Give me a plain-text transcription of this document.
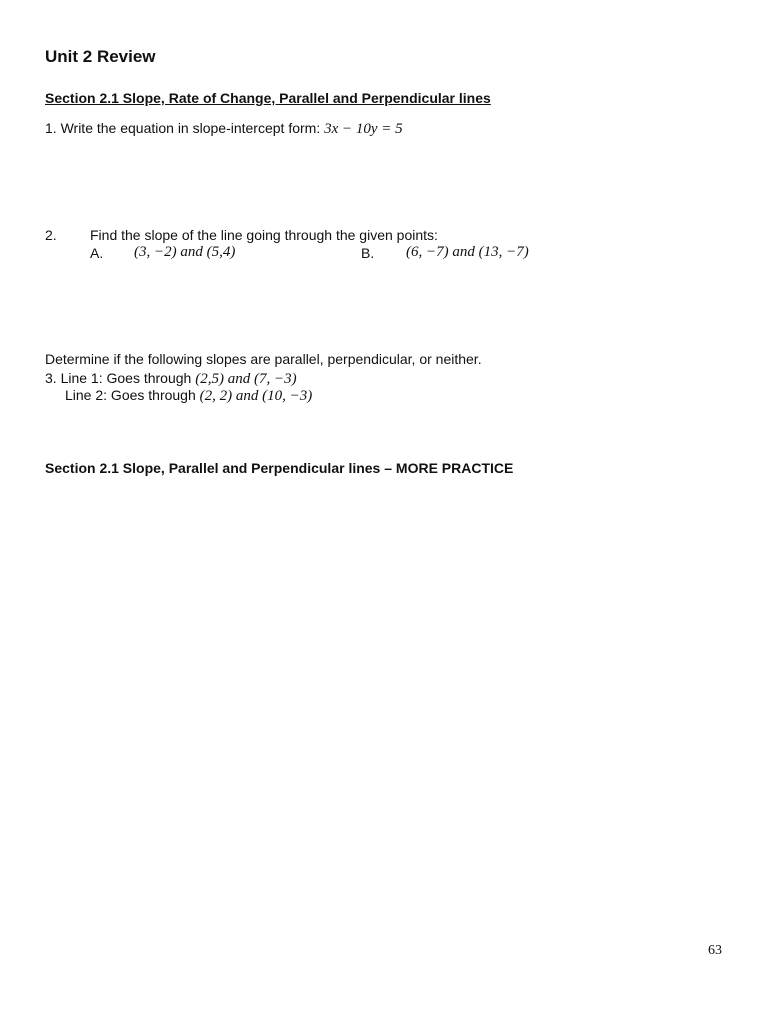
Unit 2 Review
Section 2.1 Slope, Rate of Change, Parallel and Perpendicular lines
1. Write the equation in slope-intercept form: 3x − 10y = 5
2. Find the slope of the line going through the given points:
A. (3, −2) and (5,4)	B. (6, −7) and (13, −7)
Determine if the following slopes are parallel, perpendicular, or neither.
3. Line 1: Goes through (2,5) and (7, −3)
Line 2: Goes through (2, 2) and (10, −3)
Section 2.1 Slope, Parallel and Perpendicular lines – MORE PRACTICE
63
